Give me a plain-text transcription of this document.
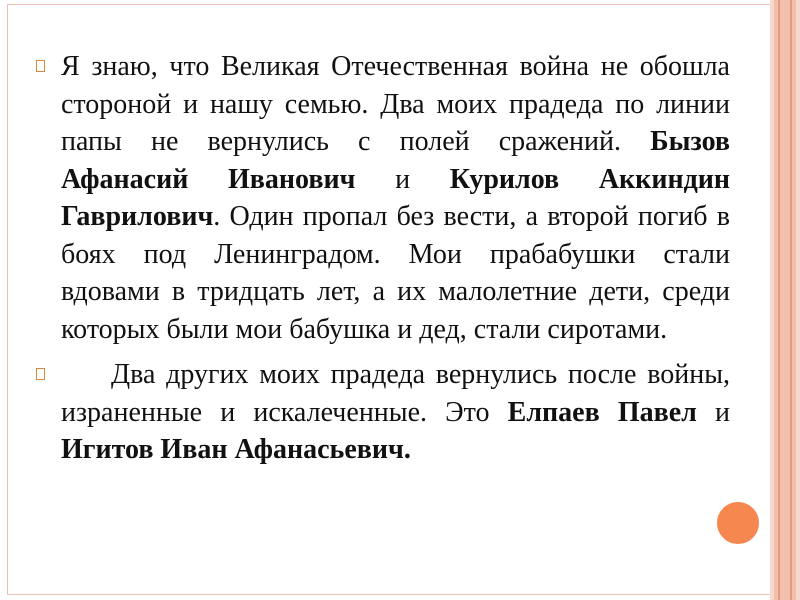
Я знаю, что Великая Отечественная война не обошла стороной и нашу семью. Два моих прадеда по линии папы не вернулись с полей сражений. Бызов Афанасий Иванович и Курилов Аккиндин Гаврилович. Один пропал без вести, а второй погиб в боях под Ленинградом. Мои прабабушки стали вдовами в тридцать лет, а их малолетние дети, среди которых были мои бабушка и дед, стали сиротами.

Два других моих прадеда вернулись после войны, израненные и искалеченные. Это Елпаев Павел и Игитов Иван Афанасьевич.
